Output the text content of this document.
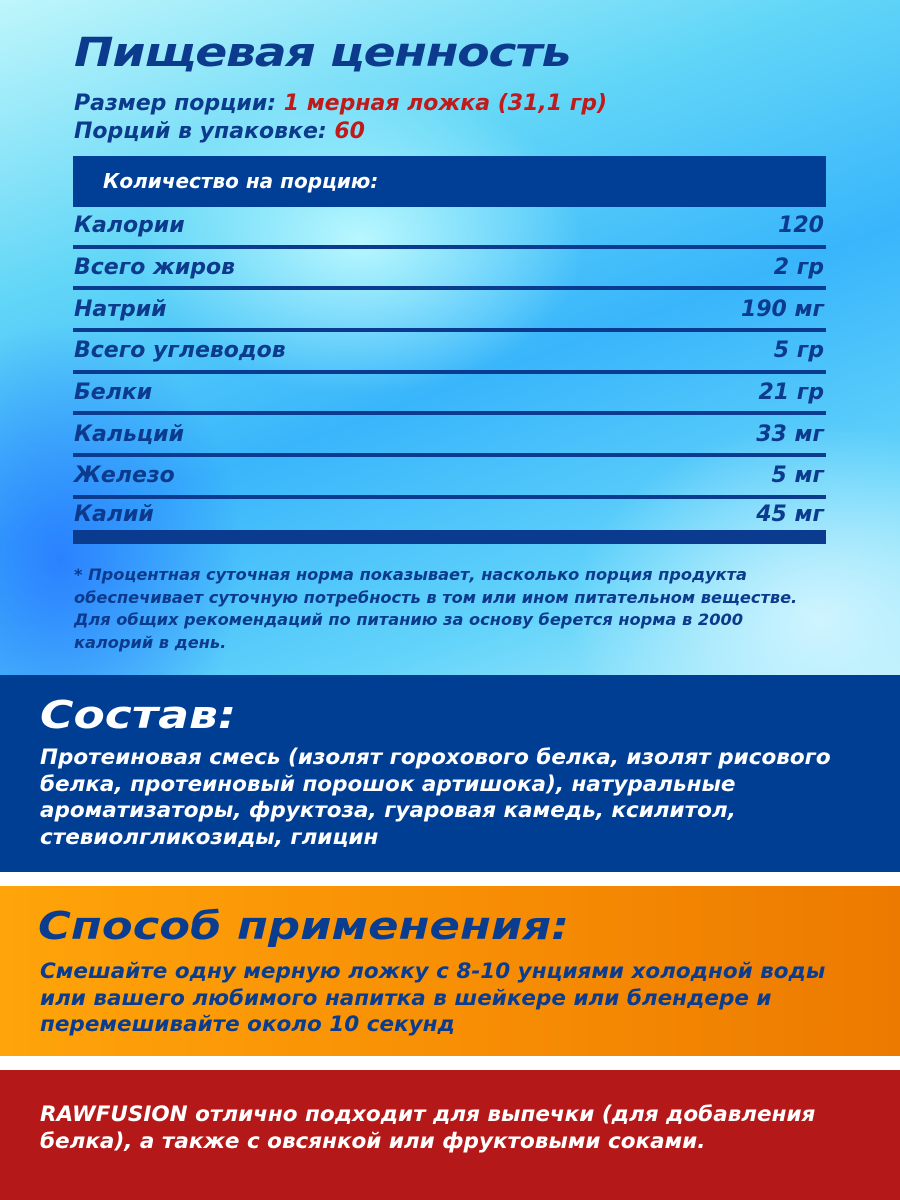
Пищевая ценность
Размер порции: 1 мерная ложка (31,1 гр)
Порций в упаковке: 60
Количество на порцию:
Калории	120
Всего жиров	2 гр
Натрий	190 мг
Всего углеводов	5 гр
Белки	21 гр
Кальций	33 мг
Железо	5 мг
Калий	45 мг

* Процентная суточная норма показывает, насколько порция продукта обеспечивает суточную потребность в том или ином питательном веществе. Для общих рекомендаций по питанию за основу берется норма в 2000 калорий в день.

Состав:

Протеиновая смесь (изолят горохового белка, изолят рисового белка, протеиновый порошок артишока), натуральные ароматизаторы, фруктоза, гуаровая камедь, ксилитол, стевиолгликозиды, глицин

Способ применения:

Смешайте одну мерную ложку с 8-10 унциями холодной воды или вашего любимого напитка в шейкере или блендере и перемешивайте около 10 секунд

RAWFUSION отлично подходит для выпечки (для добавления белка), а также с овсянкой или фруктовыми соками.
